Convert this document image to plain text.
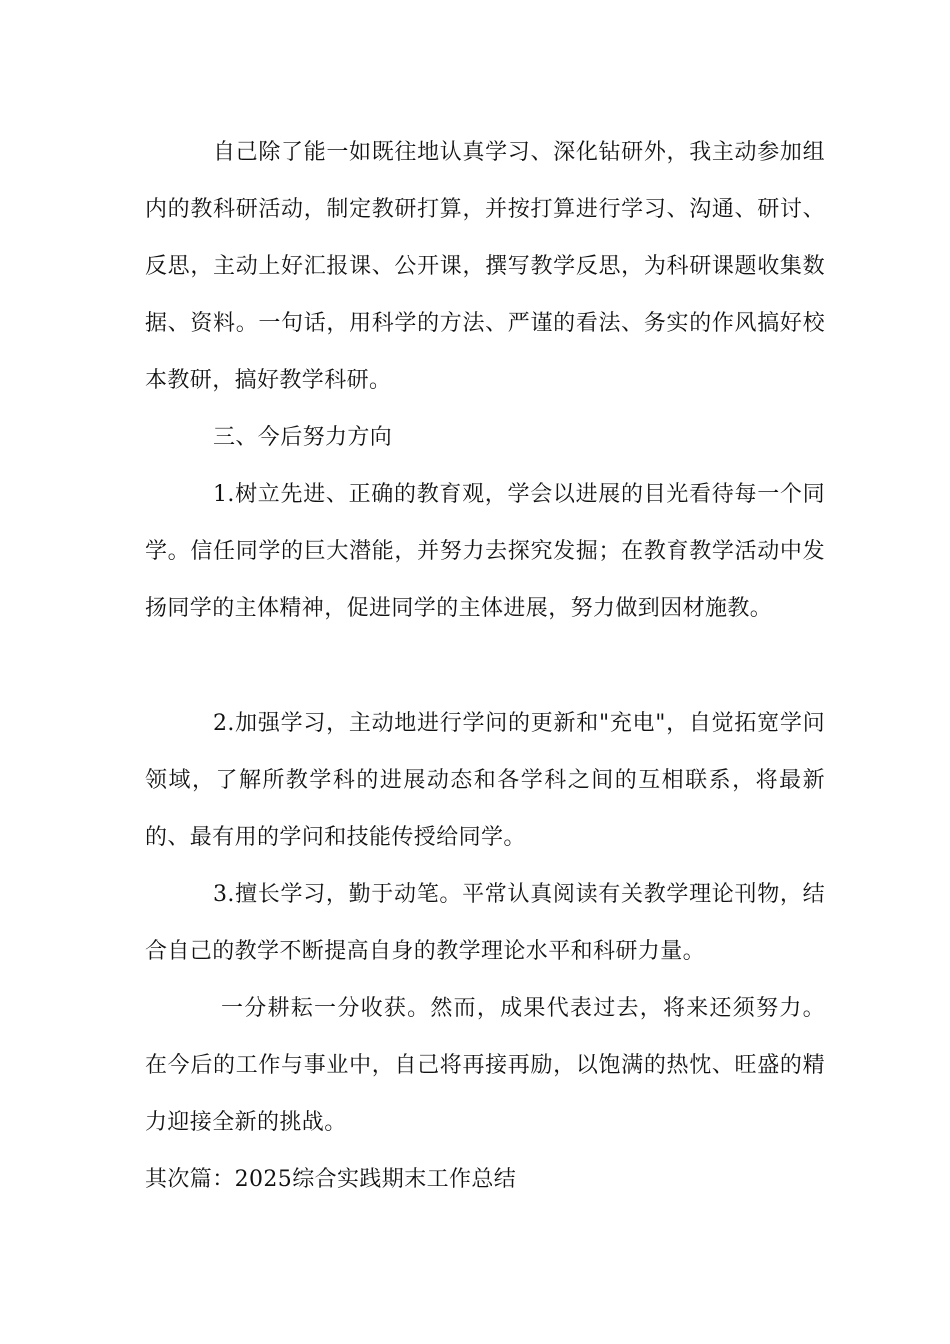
自己除了能一如既往地认真学习、深化钻研外，我主动参加组内的教科研活动，制定教研打算，并按打算进行学习、沟通、研讨、反思，主动上好汇报课、公开课，撰写教学反思，为科研课题收集数据、资料。一句话，用科学的方法、严谨的看法、务实的作风搞好校本教研，搞好教学科研。

三、今后努力方向

1.树立先进、正确的教育观，学会以进展的目光看待每一个同学。信任同学的巨大潜能，并努力去探究发掘；在教育教学活动中发扬同学的主体精神，促进同学的主体进展，努力做到因材施教。

2.加强学习，主动地进行学问的更新和"充电"，自觉拓宽学问领域，了解所教学科的进展动态和各学科之间的互相联系，将最新的、最有用的学问和技能传授给同学。

3.擅长学习，勤于动笔。平常认真阅读有关教学理论刊物，结合自己的教学不断提高自身的教学理论水平和科研力量。

一分耕耘一分收获。然而，成果代表过去，将来还须努力。在今后的工作与事业中，自己将再接再励，以饱满的热忱、旺盛的精力迎接全新的挑战。

其次篇：2025综合实践期末工作总结
